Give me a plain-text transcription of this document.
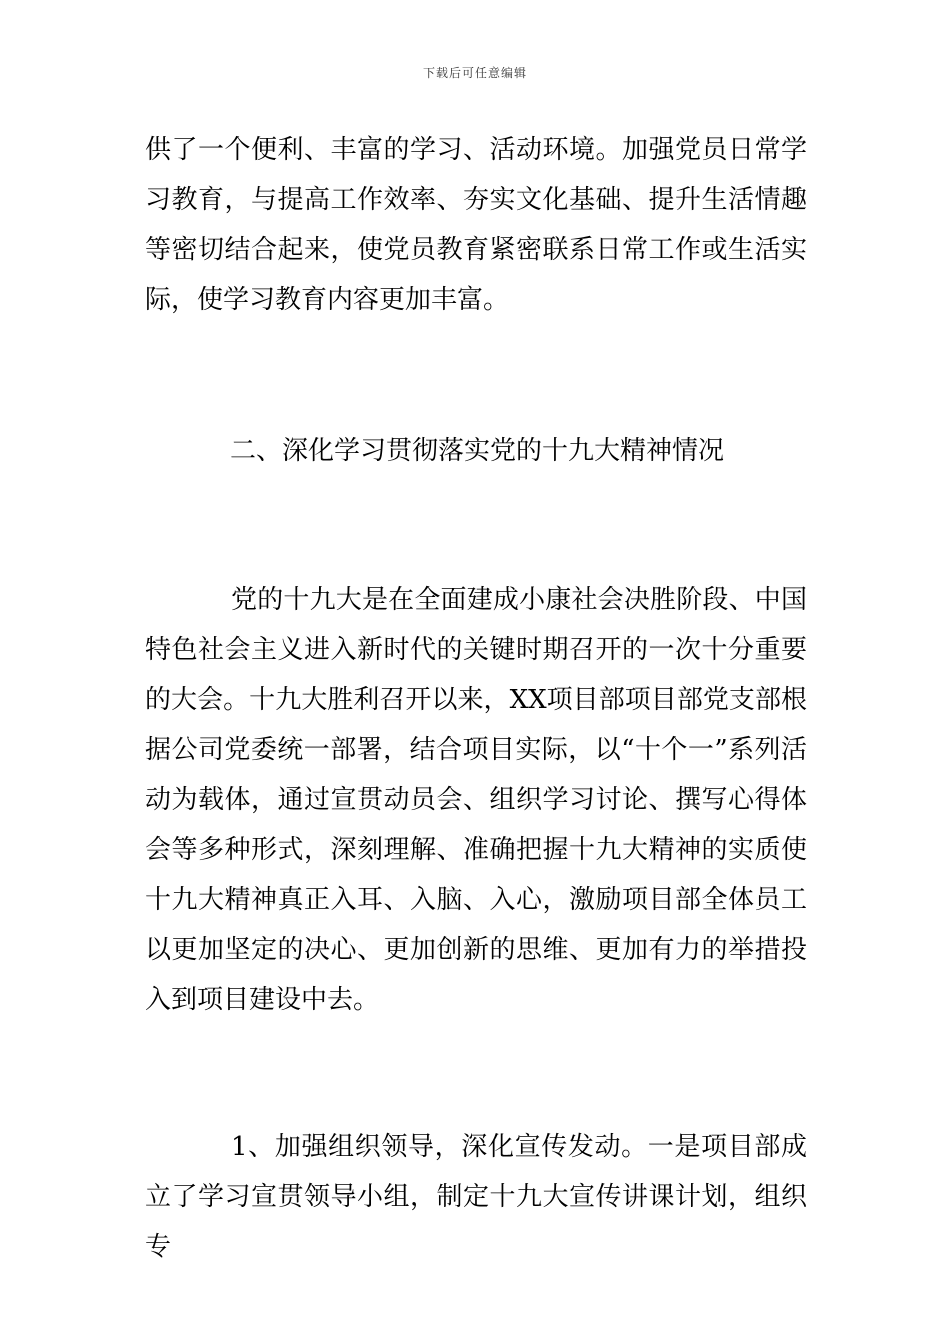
下载后可任意编辑

供了一个便利、丰富的学习、活动环境。加强党员日常学习教育，与提高工作效率、夯实文化基础、提升生活情趣等密切结合起来，使党员教育紧密联系日常工作或生活实际，使学习教育内容更加丰富。

二、深化学习贯彻落实党的十九大精神情况

党的十九大是在全面建成小康社会决胜阶段、中国特色社会主义进入新时代的关键时期召开的一次十分重要的大会。十九大胜利召开以来，XX项目部项目部党支部根据公司党委统一部署，结合项目实际，以“十个一”系列活动为载体，通过宣贯动员会、组织学习讨论、撰写心得体会等多种形式，深刻理解、准确把握十九大精神的实质使十九大精神真正入耳、入脑、入心，激励项目部全体员工以更加坚定的决心、更加创新的思维、更加有力的举措投入到项目建设中去。

1、加强组织领导，深化宣传发动。一是项目部成立了学习宣贯领导小组，制定十九大宣传讲课计划，组织专
